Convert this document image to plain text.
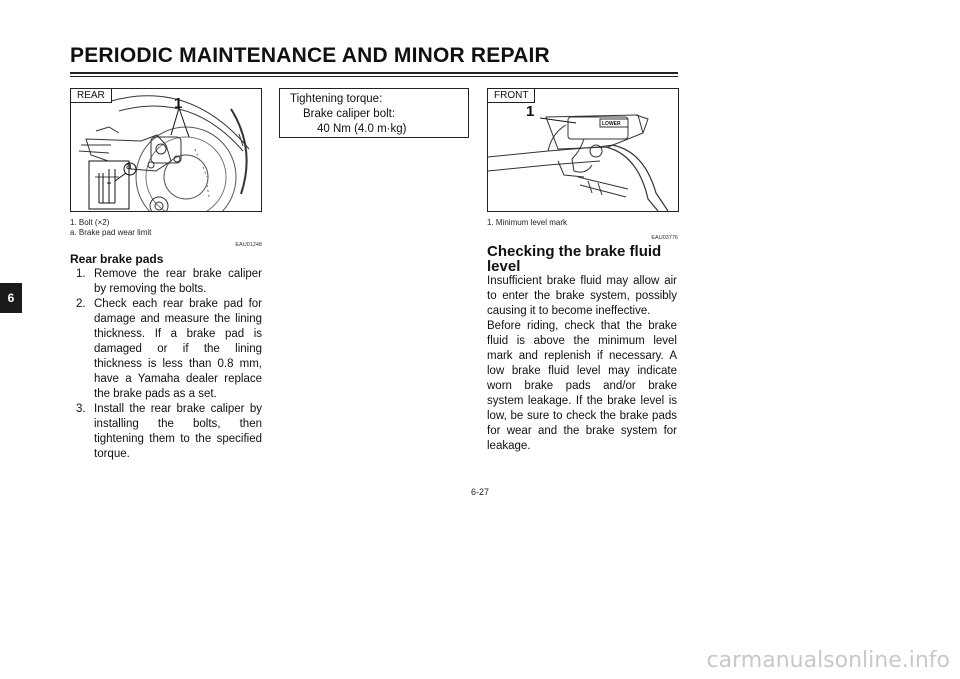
PERIODIC MAINTENANCE AND MINOR REPAIR
6
REAR	1
a
1. Bolt (×2)
a. Brake pad wear limit
EAU01248
Rear brake pads
1. Remove the rear brake caliper by removing the bolts.
2. Check each rear brake pad for damage and measure the lining thickness. If a brake pad is damaged or if the lining thickness is less than 0.8 mm, have a Yamaha dealer replace the brake pads as a set.
3. Install the rear brake caliper by installing the bolts, then tightening them to the specified torque.
Tightening torque:
Brake caliper bolt:
40 Nm (4.0 m·kg)
FRONT
1
LOWER
1. Minimum level mark
EAU03776
Checking the brake fluid
level
Insufficient brake fluid may allow air to enter the brake system, possibly causing it to become ineffective.
Before riding, check that the brake fluid is above the minimum level mark and replenish if necessary. A low brake fluid level may indicate worn brake pads and/or brake system leakage. If the brake level is low, be sure to check the brake pads for wear and the brake system for leakage.
6-27
carmanualsonline.info
